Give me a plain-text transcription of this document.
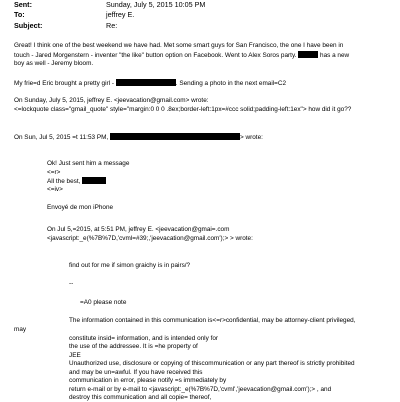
Sent:	Sunday, July 5, 2015 10:05 PM
To:	jeffrey E.
Subject:	Re:
Great! I think one of the best weekend we have had. Met some smart guys for San Francisco, the one I have been in
touch - Jared Morgenstern - inventer "the like" button option on Facebook. Went to Alex Soros party.	has a new
boy as well - Jeremy bloom.
My frie=d Eric brought a pretty girl -	. Sending a photo in the next email=C2
On Sunday, July 5, 2015, jeffrey E. <jeevacation@gmail.com> wrote:
<=lockquote class="gmail_quote" style="margin:0 0 0 .8ex;border-left:1px=#ccc solid;padding-left:1ex"> how did it go??
On Sun, Jul 5, 2015 =t 11:53 PM,	> wrote:
Ok! Just sent him a message
<=r>
All the best,
<=iv>
Envoyé de mon iPhone
On Jul 5,=2015, at 5:51 PM, jeffrey E. <jeevacation@gmai=.com
<javascript:_e(%7B%7D,'cvml=#39;,'jeevacation@gmail.com');> > wrote:
find out for me if simon graichy is in pairs/?
--
=A0 please note
The information contained in this communication is<=r>confidential, may be attorney-client privileged,
may
constitute insid= information, and is intended only for
the use of the addressee. It is =he property of
JEE
Unauthorized use, disclosure or copying of thiscommunication or any part thereof is strictly prohibited
and may be un=awful. If you have received this
communication in error, please notify =s immediately by
return e-mail or by e-mail to <javascript:_e(%7B%7D,'cvml','jeevacation@gmail.com');> , and
destroy this communication and all copie= thereof,
